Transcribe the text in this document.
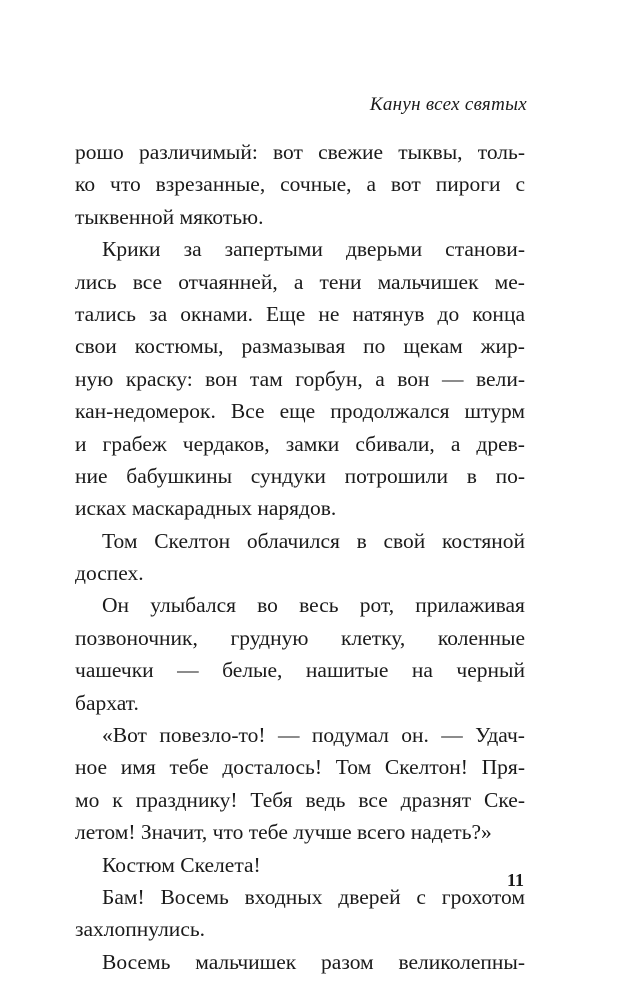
Канун всех святых
рошо различимый: вот свежие тыквы, толь-
ко что взрезанные, сочные, а вот пироги с
тыквенной мякотью.
Крики за запертыми дверьми станови-
лись все отчаянней, а тени мальчишек ме-
тались за окнами. Еще не натянув до конца
свои костюмы, размазывая по щекам жир-
ную краску: вон там горбун, а вон — вели-
кан-недомерок. Все еще продолжался штурм
и грабеж чердаков, замки сбивали, а древ-
ние бабушкины сундуки потрошили в по-
исках маскарадных нарядов.
Том Скелтон облачился в свой костяной
доспех.
Он улыбался во весь рот, прилаживая
позвоночник, грудную клетку, коленные
чашечки — белые, нашитые на черный
бархат.
«Вот повезло-то! — подумал он. — Удач-
ное имя тебе досталось! Том Скелтон! Пря-
мо к празднику! Тебя ведь все дразнят Ске-
летом! Значит, что тебе лучше всего надеть?»
Костюм Скелета!
Бам! Восемь входных дверей с грохотом
захлопнулись.
Восемь мальчишек разом великолепны-
11
